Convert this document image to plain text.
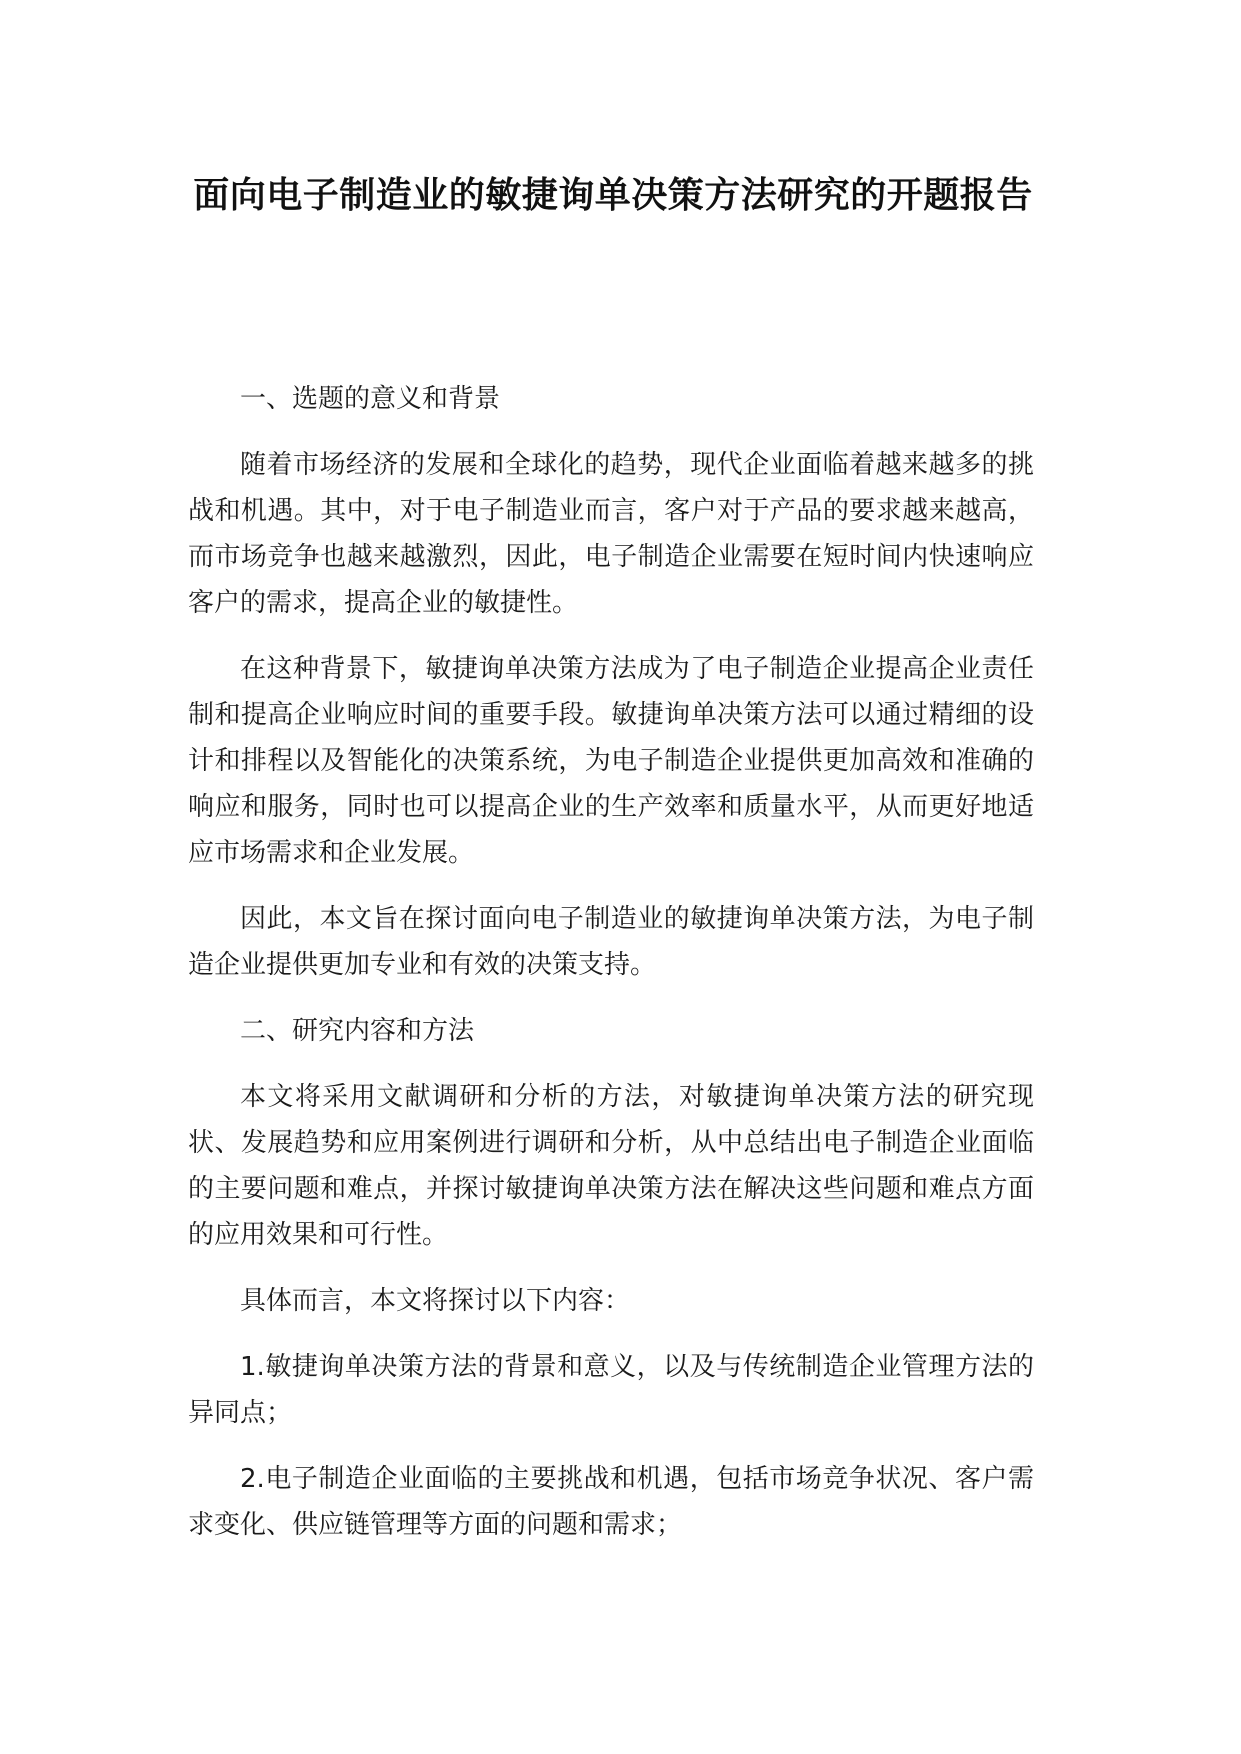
面向电子制造业的敏捷询单决策方法研究的开题报告
一、选题的意义和背景

随着市场经济的发展和全球化的趋势，现代企业面临着越来越多的挑战和机遇。其中，对于电子制造业而言，客户对于产品的要求越来越高，而市场竞争也越来越激烈，因此，电子制造企业需要在短时间内快速响应客户的需求，提高企业的敏捷性。

在这种背景下，敏捷询单决策方法成为了电子制造企业提高企业责任制和提高企业响应时间的重要手段。敏捷询单决策方法可以通过精细的设计和排程以及智能化的决策系统，为电子制造企业提供更加高效和准确的响应和服务，同时也可以提高企业的生产效率和质量水平，从而更好地适应市场需求和企业发展。

因此，本文旨在探讨面向电子制造业的敏捷询单决策方法，为电子制造企业提供更加专业和有效的决策支持。

二、研究内容和方法

本文将采用文献调研和分析的方法，对敏捷询单决策方法的研究现状、发展趋势和应用案例进行调研和分析，从中总结出电子制造企业面临的主要问题和难点，并探讨敏捷询单决策方法在解决这些问题和难点方面的应用效果和可行性。

具体而言，本文将探讨以下内容：

1.敏捷询单决策方法的背景和意义，以及与传统制造企业管理方法的异同点；

2.电子制造企业面临的主要挑战和机遇，包括市场竞争状况、客户需求变化、供应链管理等方面的问题和需求；
